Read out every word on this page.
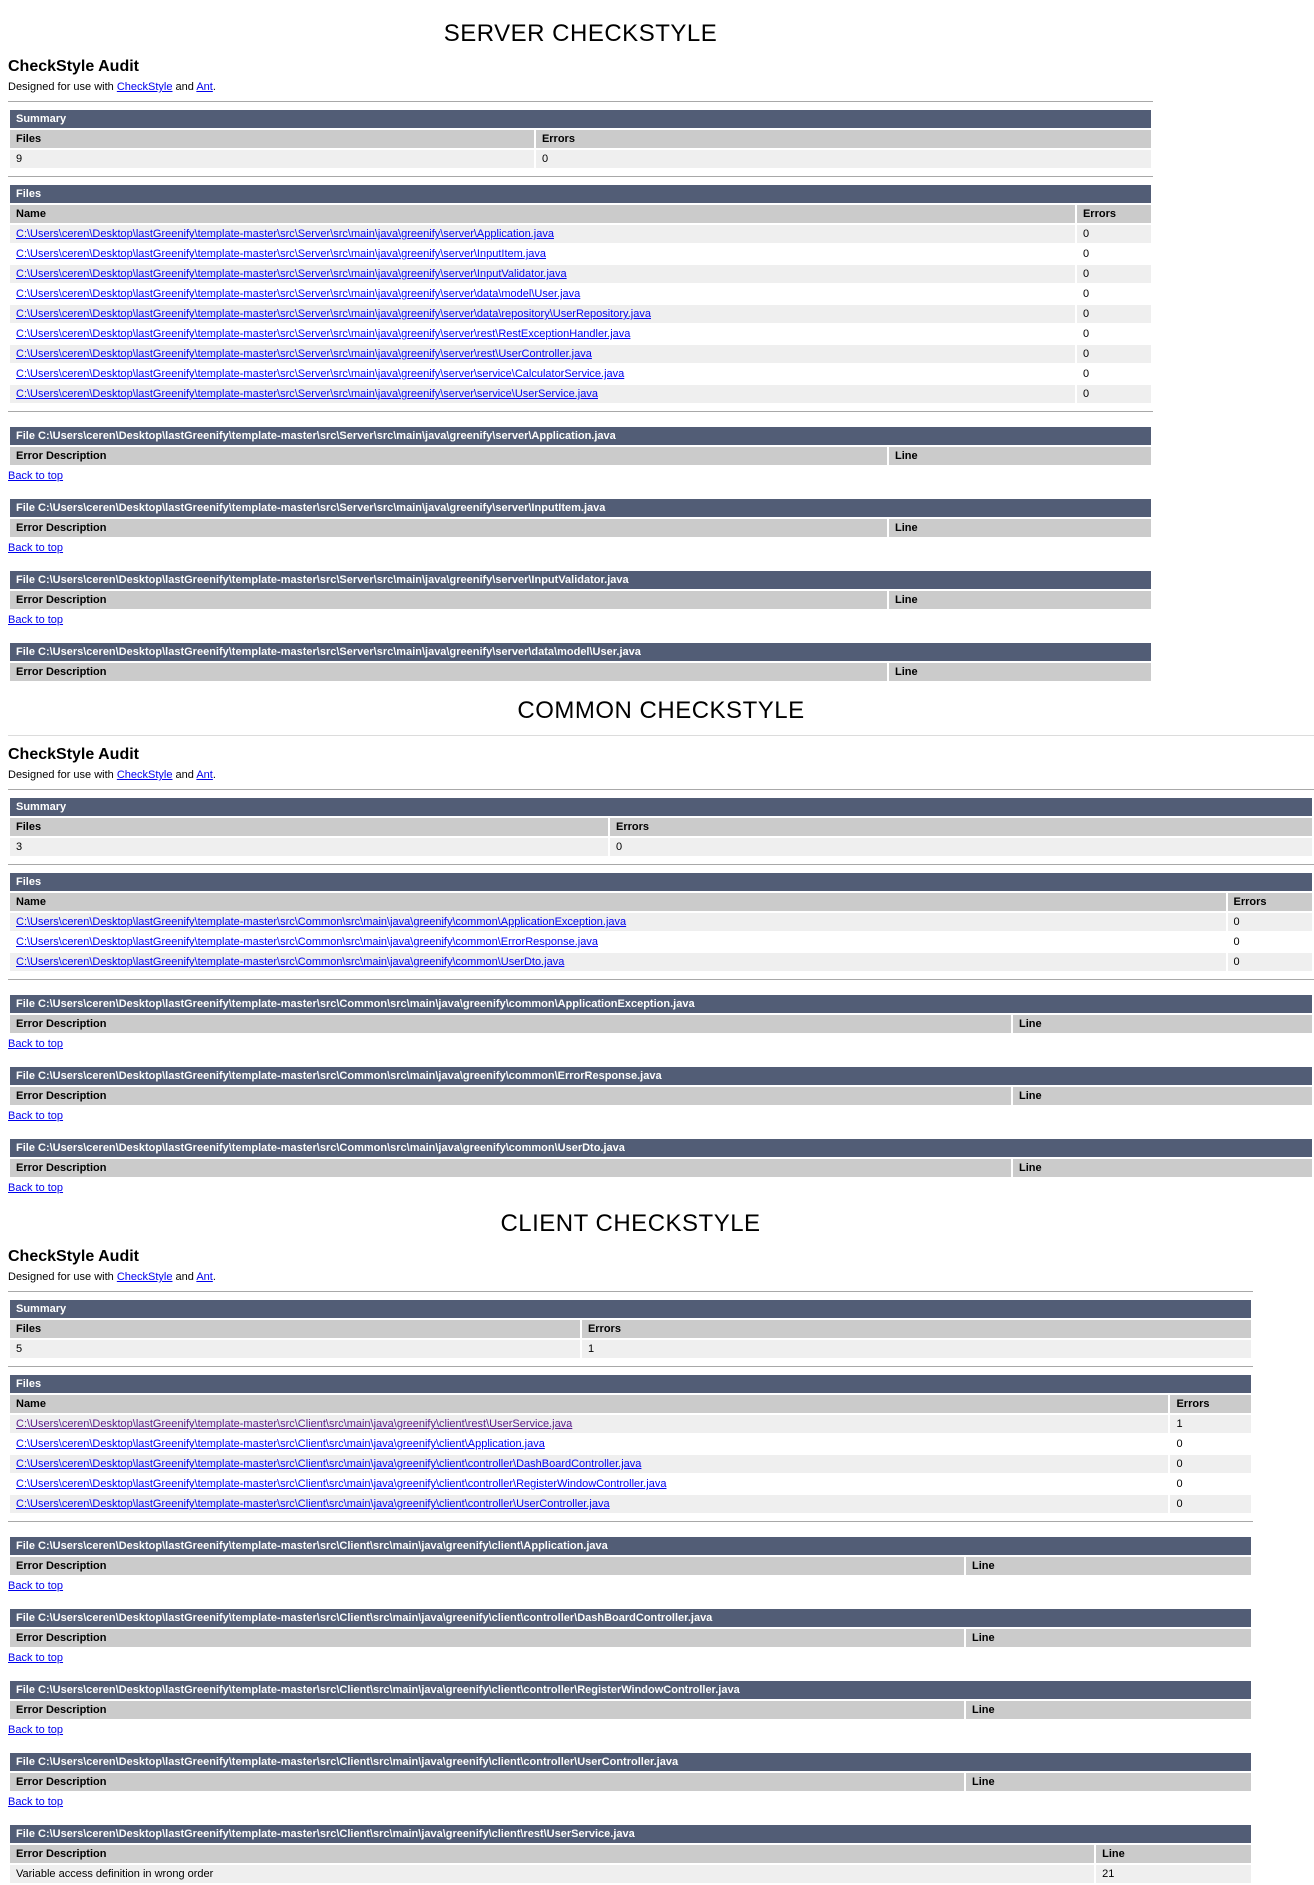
SERVER CHECKSTYLE
CheckStyle Audit

Designed for use with CheckStyle and Ant.

Summary	
Files	Errors
9	0
Files	
Name	Errors
C:\Users\ceren\Desktop\lastGreenify\template-master\src\Server\src\main\java\greenify\server\Application.java	0
C:\Users\ceren\Desktop\lastGreenify\template-master\src\Server\src\main\java\greenify\server\InputItem.java	0
C:\Users\ceren\Desktop\lastGreenify\template-master\src\Server\src\main\java\greenify\server\InputValidator.java	0
C:\Users\ceren\Desktop\lastGreenify\template-master\src\Server\src\main\java\greenify\server\data\model\User.java	0
C:\Users\ceren\Desktop\lastGreenify\template-master\src\Server\src\main\java\greenify\server\data\repository\UserRepository.java	0
C:\Users\ceren\Desktop\lastGreenify\template-master\src\Server\src\main\java\greenify\server\rest\RestExceptionHandler.java	0
C:\Users\ceren\Desktop\lastGreenify\template-master\src\Server\src\main\java\greenify\server\rest\UserController.java	0
C:\Users\ceren\Desktop\lastGreenify\template-master\src\Server\src\main\java\greenify\server\service\CalculatorService.java	0
C:\Users\ceren\Desktop\lastGreenify\template-master\src\Server\src\main\java\greenify\server\service\UserService.java	0
File C:\Users\ceren\Desktop\lastGreenify\template-master\src\Server\src\main\java\greenify\server\Application.java
Error Description	Line
Back to top
File C:\Users\ceren\Desktop\lastGreenify\template-master\src\Server\src\main\java\greenify\server\InputItem.java
Error Description	Line
Back to top
File C:\Users\ceren\Desktop\lastGreenify\template-master\src\Server\src\main\java\greenify\server\InputValidator.java
Error Description	Line
Back to top
File C:\Users\ceren\Desktop\lastGreenify\template-master\src\Server\src\main\java\greenify\server\data\model\User.java
Error Description	Line
COMMON CHECKSTYLE
CheckStyle Audit

Designed for use with CheckStyle and Ant.

Summary	
Files	Errors
3	0
Files	
Name	Errors
C:\Users\ceren\Desktop\lastGreenify\template-master\src\Common\src\main\java\greenify\common\ApplicationException.java	0
C:\Users\ceren\Desktop\lastGreenify\template-master\src\Common\src\main\java\greenify\common\ErrorResponse.java	0
C:\Users\ceren\Desktop\lastGreenify\template-master\src\Common\src\main\java\greenify\common\UserDto.java	0
File C:\Users\ceren\Desktop\lastGreenify\template-master\src\Common\src\main\java\greenify\common\ApplicationException.java
Error Description	Line
Back to top
File C:\Users\ceren\Desktop\lastGreenify\template-master\src\Common\src\main\java\greenify\common\ErrorResponse.java
Error Description	Line
Back to top
File C:\Users\ceren\Desktop\lastGreenify\template-master\src\Common\src\main\java\greenify\common\UserDto.java
Error Description	Line
Back to top
CLIENT CHECKSTYLE
CheckStyle Audit

Designed for use with CheckStyle and Ant.

Summary	
Files	Errors
5	1
Files	
Name	Errors
C:\Users\ceren\Desktop\lastGreenify\template-master\src\Client\src\main\java\greenify\client\rest\UserService.java	1
C:\Users\ceren\Desktop\lastGreenify\template-master\src\Client\src\main\java\greenify\client\Application.java	0
C:\Users\ceren\Desktop\lastGreenify\template-master\src\Client\src\main\java\greenify\client\controller\DashBoardController.java	0
C:\Users\ceren\Desktop\lastGreenify\template-master\src\Client\src\main\java\greenify\client\controller\RegisterWindowController.java	0
C:\Users\ceren\Desktop\lastGreenify\template-master\src\Client\src\main\java\greenify\client\controller\UserController.java	0
File C:\Users\ceren\Desktop\lastGreenify\template-master\src\Client\src\main\java\greenify\client\Application.java
Error Description	Line
Back to top
File C:\Users\ceren\Desktop\lastGreenify\template-master\src\Client\src\main\java\greenify\client\controller\DashBoardController.java
Error Description	Line
Back to top
File C:\Users\ceren\Desktop\lastGreenify\template-master\src\Client\src\main\java\greenify\client\controller\RegisterWindowController.java
Error Description	Line
Back to top
File C:\Users\ceren\Desktop\lastGreenify\template-master\src\Client\src\main\java\greenify\client\controller\UserController.java
Error Description	Line
Back to top
File C:\Users\ceren\Desktop\lastGreenify\template-master\src\Client\src\main\java\greenify\client\rest\UserService.java	
Error Description	Line
Variable access definition in wrong order	21
